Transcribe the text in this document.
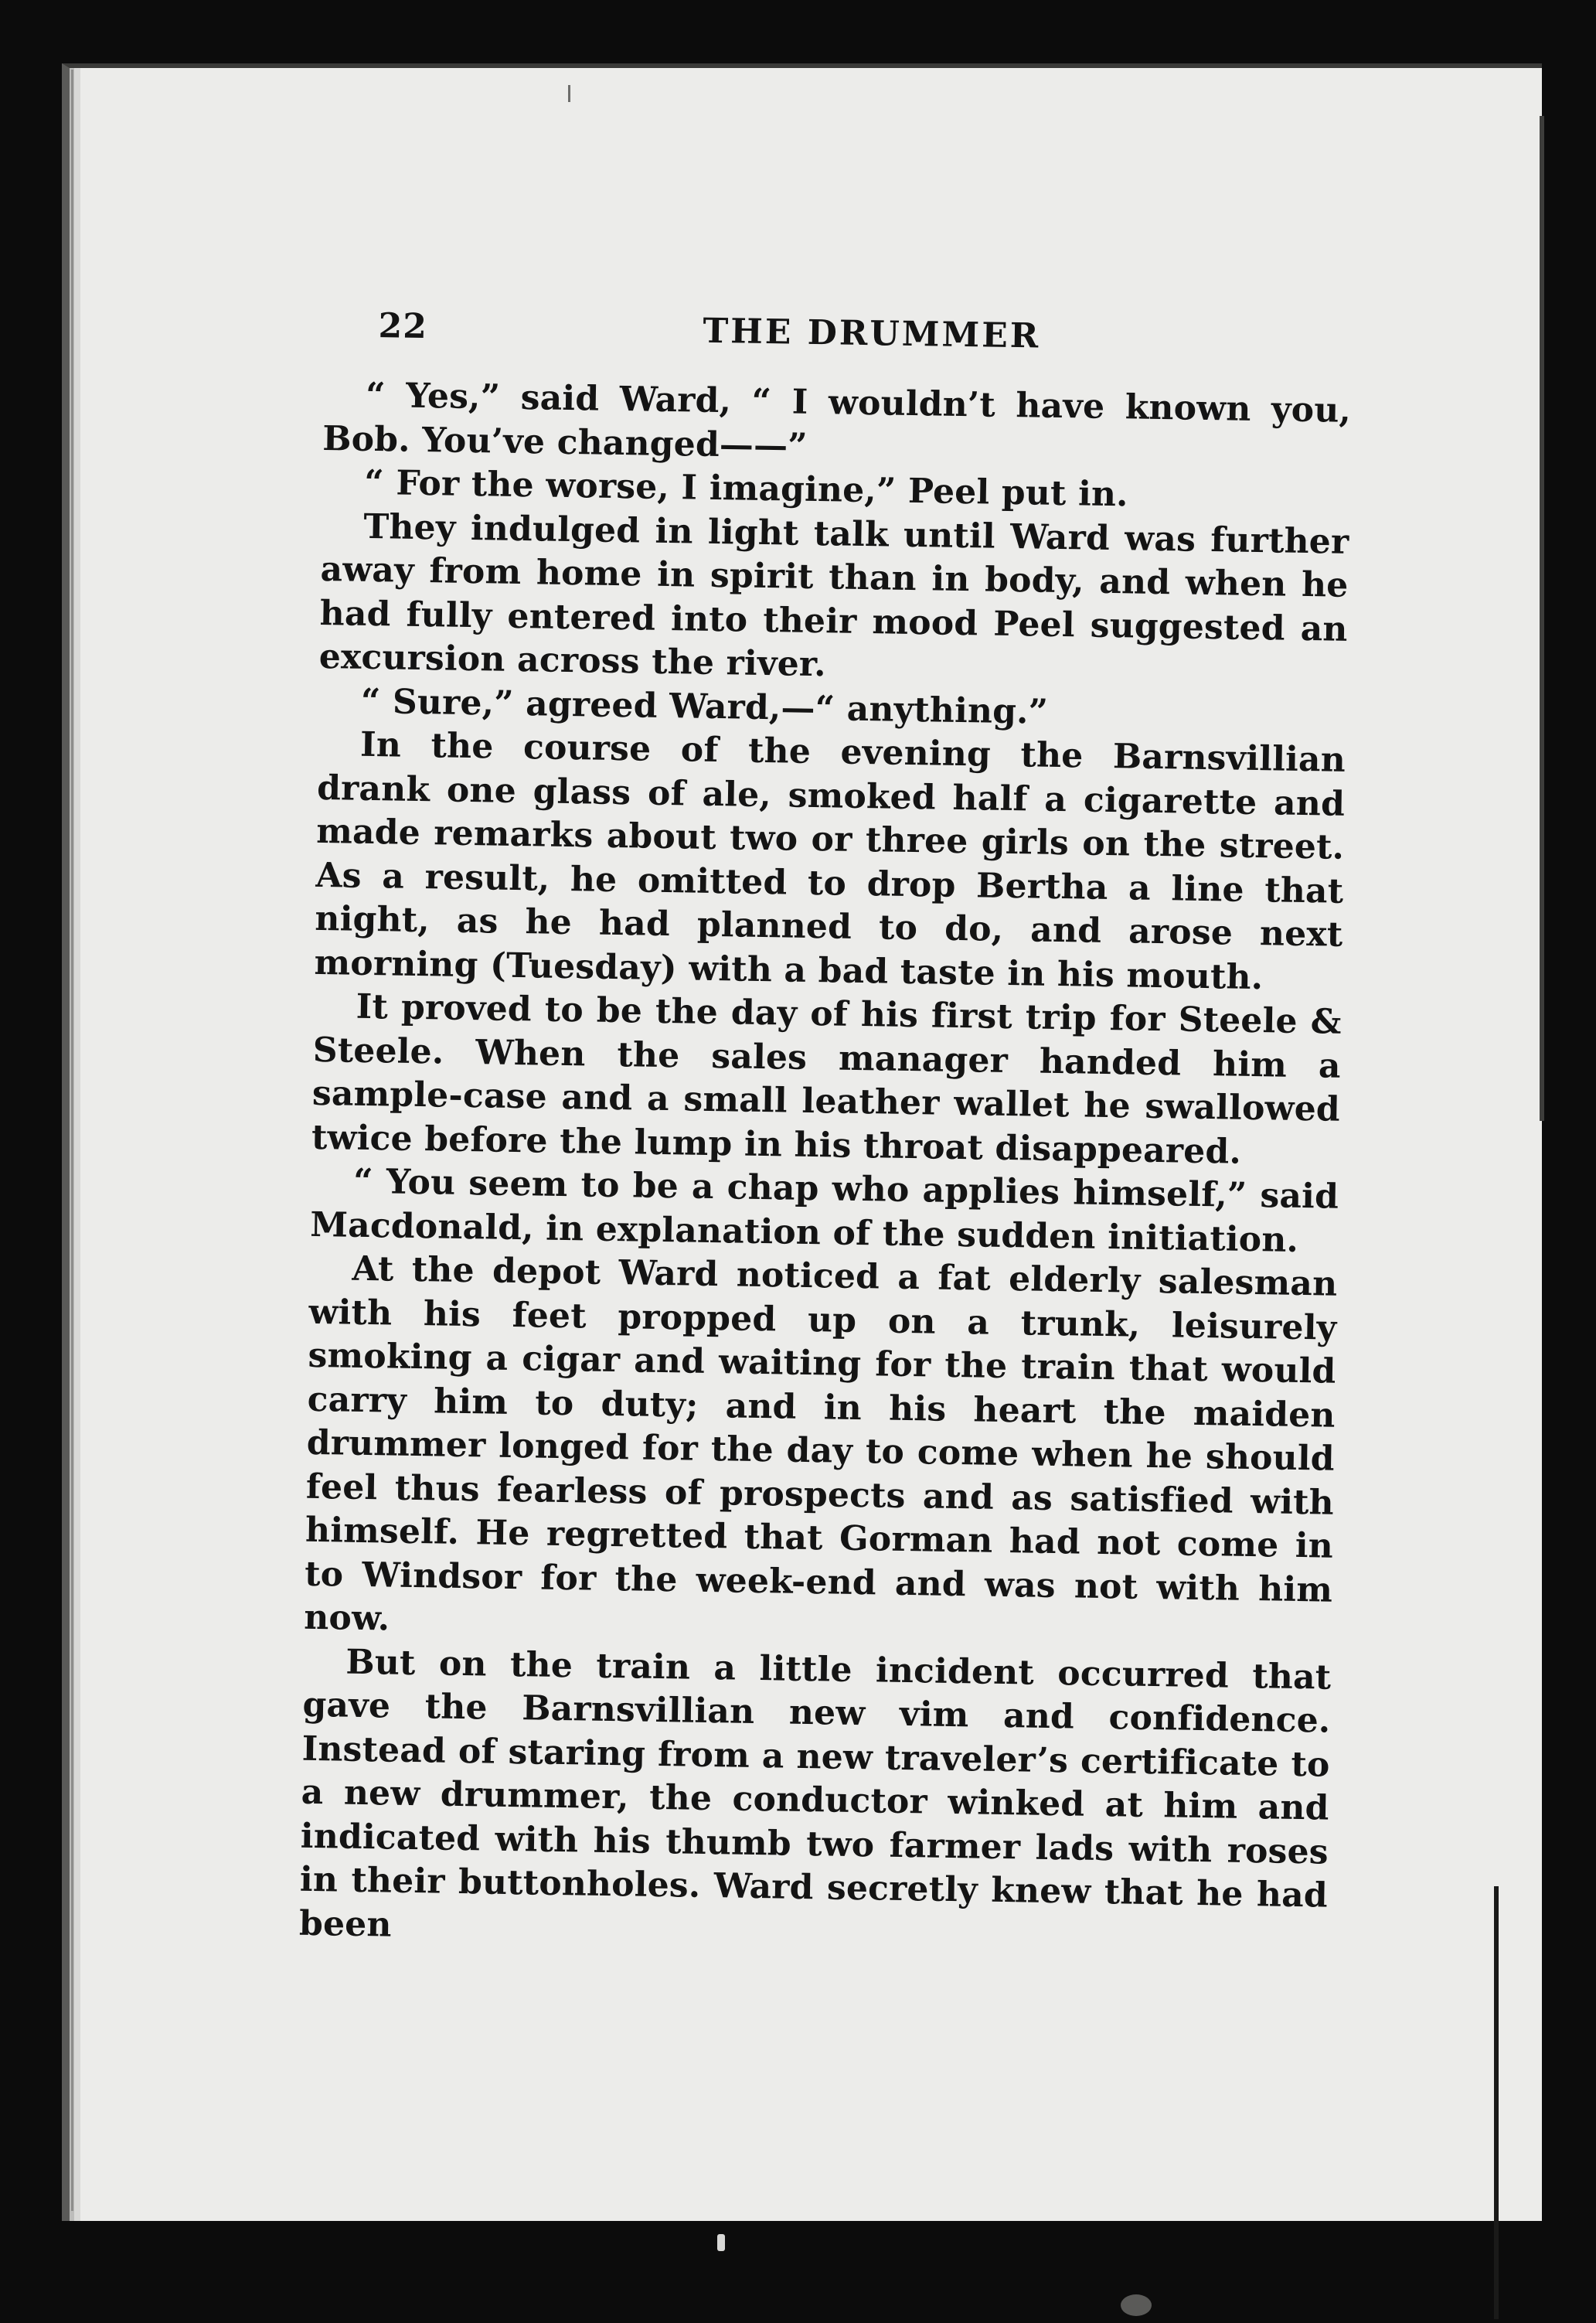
22	THE DRUMMER

“ Yes,” said Ward, “ I wouldn’t have known you, Bob. You’ve changed——”

“ For the worse, I imagine,” Peel put in.

They indulged in light talk until Ward was further away from home in spirit than in body, and when he had fully entered into their mood Peel suggested an excursion across the river.

“ Sure,” agreed Ward,—“ anything.”

In the course of the evening the Barnsvillian drank one glass of ale, smoked half a cigarette and made remarks about two or three girls on the street. As a result, he omitted to drop Bertha a line that night, as he had planned to do, and arose next morning (Tuesday) with a bad taste in his mouth.

It proved to be the day of his first trip for Steele & Steele. When the sales manager handed him a sample-case and a small leather wallet he swallowed twice before the lump in his throat disappeared.

“ You seem to be a chap who applies himself,” said Macdonald, in explanation of the sudden initiation.

At the depot Ward noticed a fat elderly salesman with his feet propped up on a trunk, leisurely smoking a cigar and waiting for the train that would carry him to duty; and in his heart the maiden drummer longed for the day to come when he should feel thus fearless of prospects and as satisfied with himself. He regretted that Gorman had not come in to Windsor for the week-end and was not with him now.

But on the train a little incident occurred that gave the Barnsvillian new vim and confidence. Instead of staring from a new traveler’s certificate to a new drummer, the conductor winked at him and indicated with his thumb two farmer lads with roses in their buttonholes. Ward secretly knew that he had been
